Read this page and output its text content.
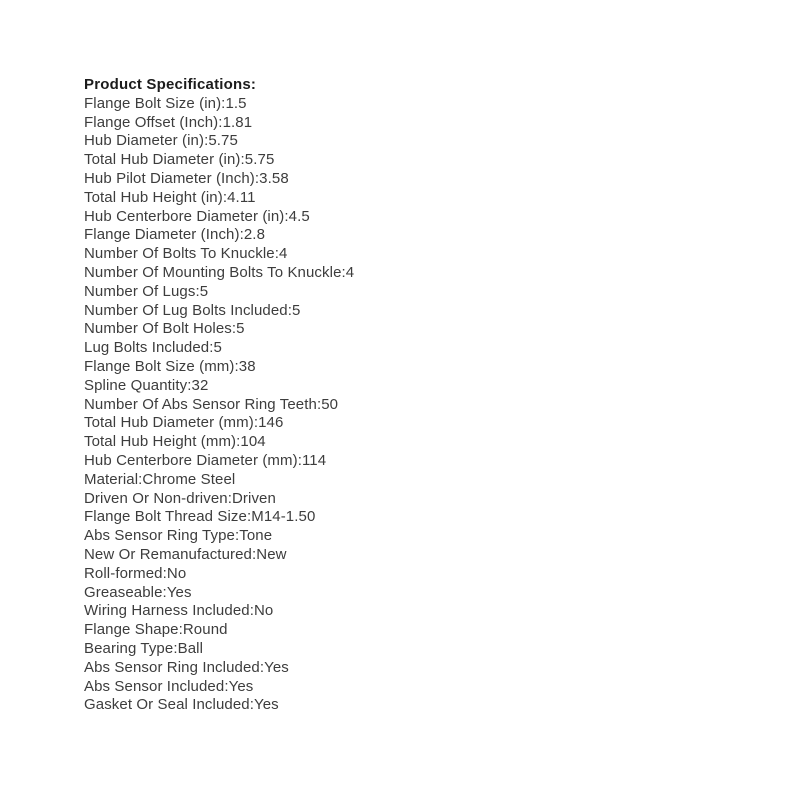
Product Specifications:
Flange Bolt Size (in):1.5
Flange Offset (Inch):1.81
Hub Diameter (in):5.75
Total Hub Diameter (in):5.75
Hub Pilot Diameter (Inch):3.58
Total Hub Height (in):4.11
Hub Centerbore Diameter (in):4.5
Flange Diameter (Inch):2.8
Number Of Bolts To Knuckle:4
Number Of Mounting Bolts To Knuckle:4
Number Of Lugs:5
Number Of Lug Bolts Included:5
Number Of Bolt Holes:5
Lug Bolts Included:5
Flange Bolt Size (mm):38
Spline Quantity:32
Number Of Abs Sensor Ring Teeth:50
Total Hub Diameter (mm):146
Total Hub Height (mm):104
Hub Centerbore Diameter (mm):114
Material:Chrome Steel
Driven Or Non-driven:Driven
Flange Bolt Thread Size:M14-1.50
Abs Sensor Ring Type:Tone
New Or Remanufactured:New
Roll-formed:No
Greaseable:Yes
Wiring Harness Included:No
Flange Shape:Round
Bearing Type:Ball
Abs Sensor Ring Included:Yes
Abs Sensor Included:Yes
Gasket Or Seal Included:Yes
